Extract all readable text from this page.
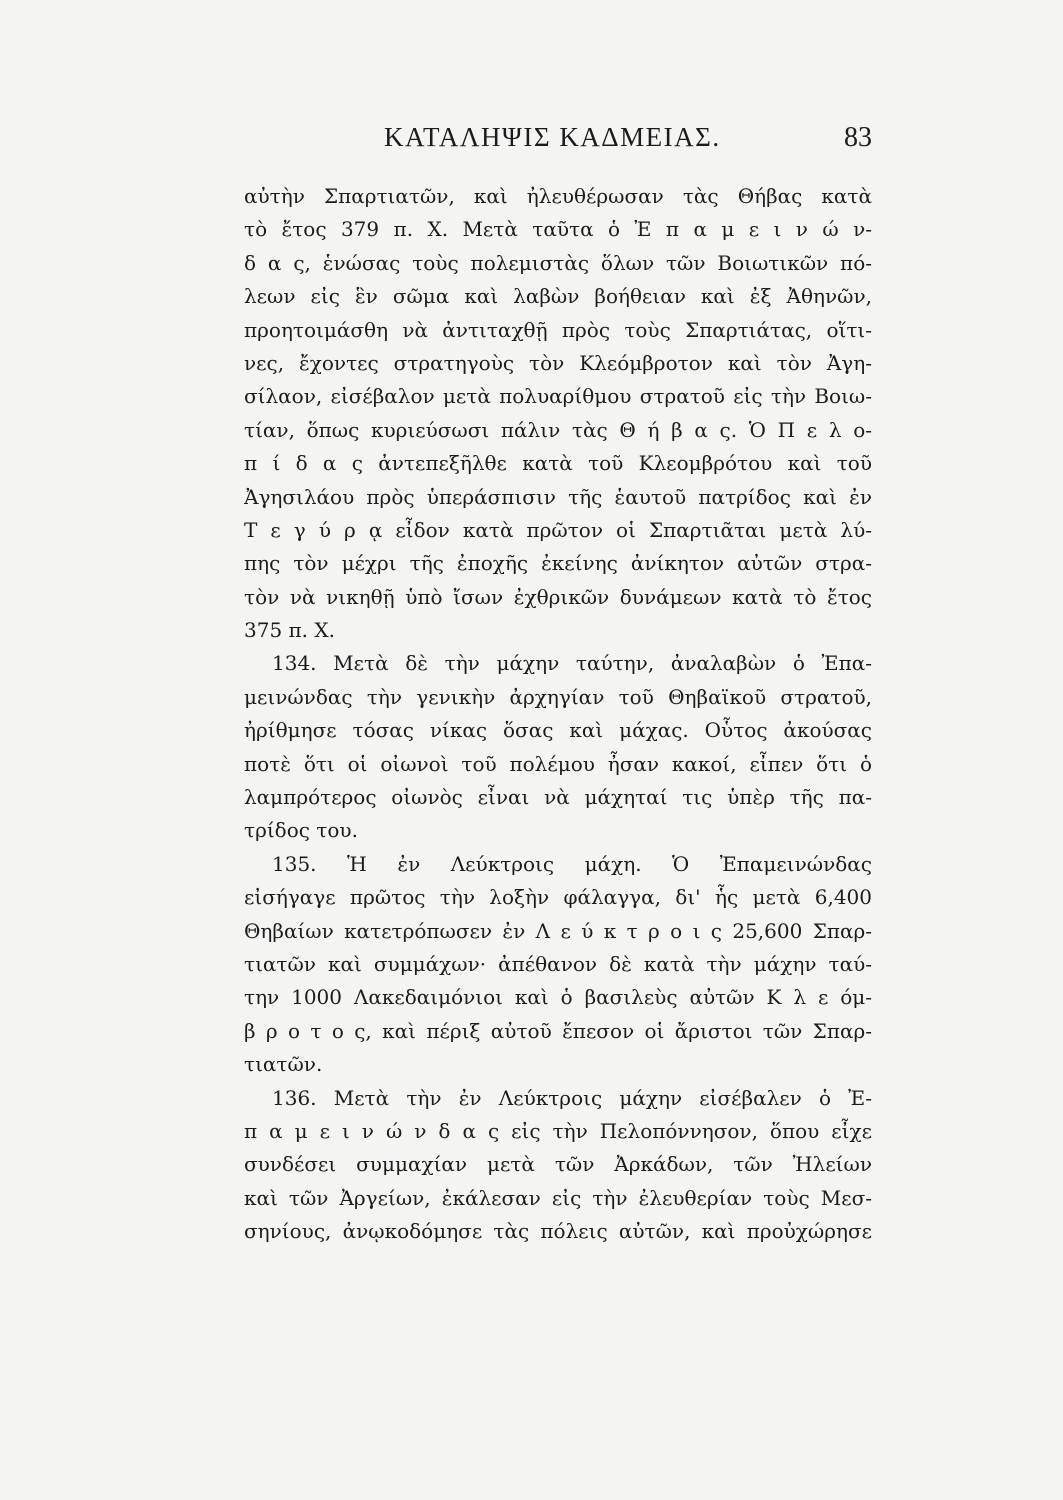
ΚΑΤΑΛΗΨΙΣ ΚΑΔΜΕΙΑΣ.	83
αὐτὴν Σπαρτιατῶν, καὶ ἠλευθέρωσαν τὰς Θήβας κατὰ
τὸ ἔτος 379 π. Χ. Μετὰ ταῦτα ὁ Ἐ π α μ ε ι ν ώ ν-
δ α ς, ἑνώσας τοὺς πολεμιστὰς ὅλων τῶν Βοιωτικῶν πό-
λεων εἰς ἓν σῶμα καὶ λαβὼν βοήθειαν καὶ ἐξ Ἀθηνῶν,
προητοιμάσθη νὰ ἀντιταχθῇ πρὸς τοὺς Σπαρτιάτας, οἵτι-
νες, ἔχοντες στρατηγοὺς τὸν Κλεόμβροτον καὶ τὸν Ἀγη-
σίλαον, εἰσέβαλον μετὰ πολυαρίθμου στρατοῦ εἰς τὴν Βοιω-
τίαν, ὅπως κυριεύσωσι πάλιν τὰς Θ ή β α ς. Ὁ Π ε λ ο-
π ί δ α ς ἀντεπεξῆλθε κατὰ τοῦ Κλεομβρότου καὶ τοῦ
Ἀγησιλάου πρὸς ὑπεράσπισιν τῆς ἑαυτοῦ πατρίδος καὶ ἐν
Τ ε γ ύ ρ ᾳ εἶδον κατὰ πρῶτον οἱ Σπαρτιᾶται μετὰ λύ-
πης τὸν μέχρι τῆς ἐποχῆς ἐκείνης ἀνίκητον αὐτῶν στρα-
τὸν νὰ νικηθῇ ὑπὸ ἴσων ἐχθρικῶν δυνάμεων κατὰ τὸ ἔτος
375 π. Χ.
134. Μετὰ δὲ τὴν μάχην ταύτην, ἀναλαβὼν ὁ Ἐπα-
μεινώνδας τὴν γενικὴν ἀρχηγίαν τοῦ Θηβαϊκοῦ στρατοῦ,
ἠρίθμησε τόσας νίκας ὅσας καὶ μάχας. Οὗτος ἀκούσας
ποτὲ ὅτι οἱ οἰωνοὶ τοῦ πολέμου ἦσαν κακοί, εἶπεν ὅτι ὁ
λαμπρότερος οἰωνὸς εἶναι νὰ μάχηταί τις ὑπὲρ τῆς πα-
τρίδος του.
135. Ἡ ἐν Λεύκτροις μάχη. Ὁ Ἐπαμεινώνδας
εἰσήγαγε πρῶτος τὴν λοξὴν φάλαγγα, δι' ἧς μετὰ 6,400
Θηβαίων κατετρόπωσεν ἐν Λ ε ύ κ τ ρ ο ι ς 25,600 Σπαρ-
τιατῶν καὶ συμμάχων· ἀπέθανον δὲ κατὰ τὴν μάχην ταύ-
την 1000 Λακεδαιμόνιοι καὶ ὁ βασιλεὺς αὐτῶν Κ λ ε όμ-
β ρ ο τ ο ς, καὶ πέριξ αὐτοῦ ἔπεσον οἱ ἄριστοι τῶν Σπαρ-
τιατῶν.
136. Μετὰ τὴν ἐν Λεύκτροις μάχην εἰσέβαλεν ὁ Ἐ-
π α μ ε ι ν ώ ν δ α ς εἰς τὴν Πελοπόννησον, ὅπου εἶχε
συνδέσει συμμαχίαν μετὰ τῶν Ἀρκάδων, τῶν Ἠλείων
καὶ τῶν Ἀργείων, ἐκάλεσαν εἰς τὴν ἐλευθερίαν τοὺς Μεσ-
σηνίους, ἀνῳκοδόμησε τὰς πόλεις αὐτῶν, καὶ προὐχώρησε
